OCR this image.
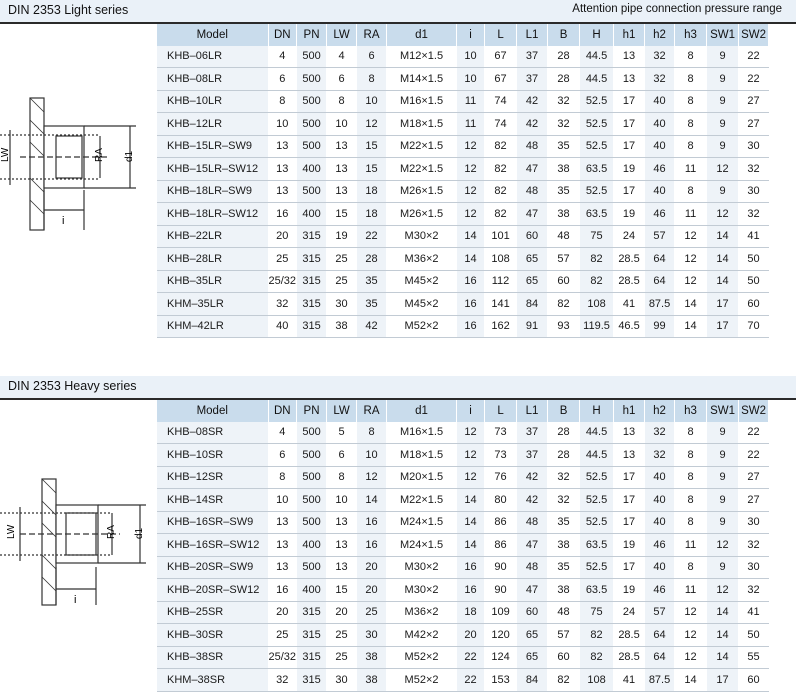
DIN 2353 Light series	Attention pipe connection pressure range
LW	RA d1
i
Model	DN	PN	LW	RA	d1	i	L	L1	B	H	h1	h2	h3	SW1	SW2
KHB–06LR	4	500	4	6	M12×1.5	10	67	37	28	44.5	13	32	8	9	22
KHB–08LR	6	500	6	8	M14×1.5	10	67	37	28	44.5	13	32	8	9	22
KHB–10LR	8	500	8	10	M16×1.5	11	74	42	32	52.5	17	40	8	9	27
KHB–12LR	10	500	10	12	M18×1.5	11	74	42	32	52.5	17	40	8	9	27
KHB–15LR–SW9	13	500	13	15	M22×1.5	12	82	48	35	52.5	17	40	8	9	30
KHB–15LR–SW12	13	400	13	15	M22×1.5	12	82	47	38	63.5	19	46	11	12	32
KHB–18LR–SW9	13	500	13	18	M26×1.5	12	82	48	35	52.5	17	40	8	9	30
KHB–18LR–SW12	16	400	15	18	M26×1.5	12	82	47	38	63.5	19	46	11	12	32
KHB–22LR	20	315	19	22	M30×2	14	101	60	48	75	24	57	12	14	41
KHB–28LR	25	315	25	28	M36×2	14	108	65	57	82	28.5	64	12	14	50
KHB–35LR	25/32	315	25	35	M45×2	16	112	65	60	82	28.5	64	12	14	50
KHM–35LR	32	315	30	35	M45×2	16	141	84	82	108	41	87.5	14	17	60
KHM–42LR	40	315	38	42	M52×2	16	162	91	93	119.5	46.5	99	14	17	70
DIN 2353 Heavy series
LW	RA d1
i
Model	DN	PN	LW	RA	d1	i	L	L1	B	H	h1	h2	h3	SW1	SW2
KHB–08SR	4	500	5	8	M16×1.5	12	73	37	28	44.5	13	32	8	9	22
KHB–10SR	6	500	6	10	M18×1.5	12	73	37	28	44.5	13	32	8	9	22
KHB–12SR	8	500	8	12	M20×1.5	12	76	42	32	52.5	17	40	8	9	27
KHB–14SR	10	500	10	14	M22×1.5	14	80	42	32	52.5	17	40	8	9	27
KHB–16SR–SW9	13	500	13	16	M24×1.5	14	86	48	35	52.5	17	40	8	9	30
KHB–16SR–SW12	13	400	13	16	M24×1.5	14	86	47	38	63.5	19	46	11	12	32
KHB–20SR–SW9	13	500	13	20	M30×2	16	90	48	35	52.5	17	40	8	9	30
KHB–20SR–SW12	16	400	15	20	M30×2	16	90	47	38	63.5	19	46	11	12	32
KHB–25SR	20	315	20	25	M36×2	18	109	60	48	75	24	57	12	14	41
KHB–30SR	25	315	25	30	M42×2	20	120	65	57	82	28.5	64	12	14	50
KHB–38SR	25/32	315	25	38	M52×2	22	124	65	60	82	28.5	64	12	14	55
KHM–38SR	32	315	30	38	M52×2	22	153	84	82	108	41	87.5	14	17	60
